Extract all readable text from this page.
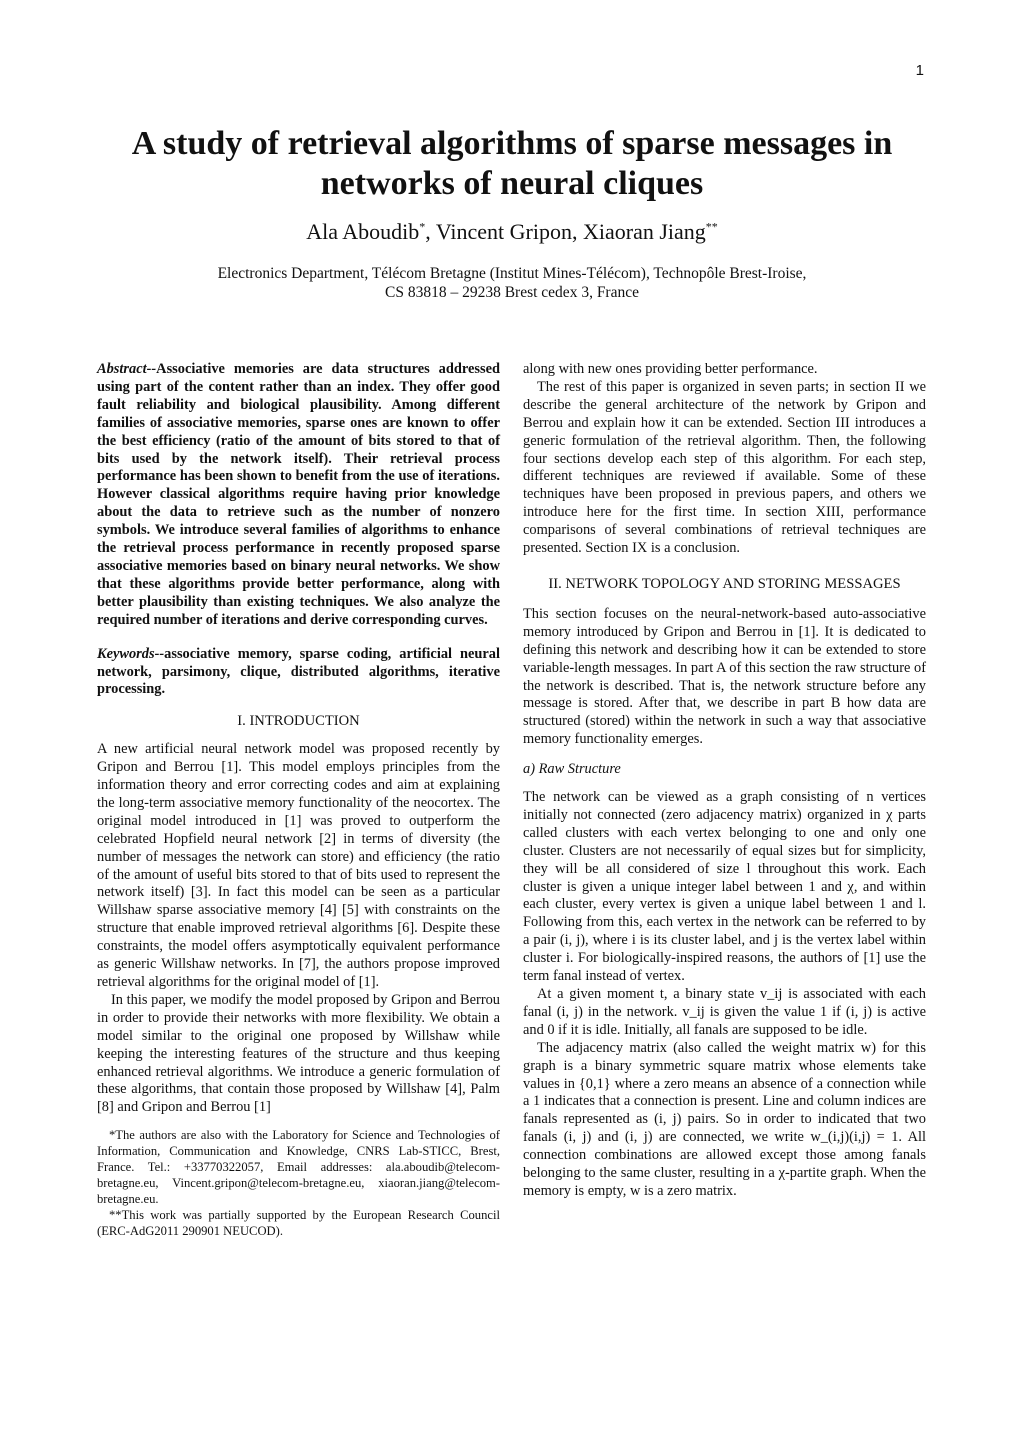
1
A study of retrieval algorithms of sparse messages in networks of neural cliques
Ala Aboudib*, Vincent Gripon, Xiaoran Jiang**
Electronics Department, Télécom Bretagne (Institut Mines-Télécom), Technopôle Brest-Iroise,
CS 83818 – 29238 Brest cedex 3, France

Abstract--Associative memories are data structures addressed using part of the content rather than an index. They offer good fault reliability and biological plausibility. Among different families of associative memories, sparse ones are known to offer the best efficiency (ratio of the amount of bits stored to that of bits used by the network itself). Their retrieval process performance has been shown to benefit from the use of iterations. However classical algorithms require having prior knowledge about the data to retrieve such as the number of nonzero symbols. We introduce several families of algorithms to enhance the retrieval process performance in recently proposed sparse associative memories based on binary neural networks. We show that these algorithms provide better performance, along with better plausibility than existing techniques. We also analyze the required number of iterations and derive corresponding curves.

Keywords--associative memory, sparse coding, artificial neural network, parsimony, clique, distributed algorithms, iterative processing.

I. INTRODUCTION

A new artificial neural network model was proposed recently by Gripon and Berrou [1]. This model employs principles from the information theory and error correcting codes and aim at explaining the long-term associative memory functionality of the neocortex. The original model introduced in [1] was proved to outperform the celebrated Hopfield neural network [2] in terms of diversity (the number of messages the network can store) and efficiency (the ratio of the amount of useful bits stored to that of bits used to represent the network itself) [3]. In fact this model can be seen as a particular Willshaw sparse associative memory [4] [5] with constraints on the structure that enable improved retrieval algorithms [6]. Despite these constraints, the model offers asymptotically equivalent performance as generic Willshaw networks. In [7], the authors propose improved retrieval algorithms for the original model of [1].

In this paper, we modify the model proposed by Gripon and Berrou in order to provide their networks with more flexibility. We obtain a model similar to the original one proposed by Willshaw while keeping the interesting features of the structure and thus keeping enhanced retrieval algorithms. We introduce a generic formulation of these algorithms, that contain those proposed by Willshaw [4], Palm [8] and Gripon and Berrou [1]

*The authors are also with the Laboratory for Science and Technologies of Information, Communication and Knowledge, CNRS Lab-STICC, Brest, France. Tel.: +33770322057, Email addresses: ala.aboudib@telecom-bretagne.eu, Vincent.gripon@telecom-bretagne.eu, xiaoran.jiang@telecom-bretagne.eu.

**This work was partially supported by the European Research Council (ERC-AdG2011 290901 NEUCOD).

along with new ones providing better performance.

The rest of this paper is organized in seven parts; in section II we describe the general architecture of the network by Gripon and Berrou and explain how it can be extended. Section III introduces a generic formulation of the retrieval algorithm. Then, the following four sections develop each step of this algorithm. For each step, different techniques are reviewed if available. Some of these techniques have been proposed in previous papers, and others we introduce here for the first time. In section XIII, performance comparisons of several combinations of retrieval techniques are presented. Section IX is a conclusion.

II. NETWORK TOPOLOGY AND STORING MESSAGES

This section focuses on the neural-network-based auto-associative memory introduced by Gripon and Berrou in [1]. It is dedicated to defining this network and describing how it can be extended to store variable-length messages. In part A of this section the raw structure of the network is described. That is, the network structure before any message is stored. After that, we describe in part B how data are structured (stored) within the network in such a way that associative memory functionality emerges.

a) Raw Structure

The network can be viewed as a graph consisting of n vertices initially not connected (zero adjacency matrix) organized in χ parts called clusters with each vertex belonging to one and only one cluster. Clusters are not necessarily of equal sizes but for simplicity, they will be all considered of size l throughout this work. Each cluster is given a unique integer label between 1 and χ, and within each cluster, every vertex is given a unique label between 1 and l. Following from this, each vertex in the network can be referred to by a pair (i, j), where i is its cluster label, and j is the vertex label within cluster i. For biologically-inspired reasons, the authors of [1] use the term fanal instead of vertex.

At a given moment t, a binary state v_ij is associated with each fanal (i, j) in the network. v_ij is given the value 1 if (i, j) is active and 0 if it is idle. Initially, all fanals are supposed to be idle.

The adjacency matrix (also called the weight matrix w) for this graph is a binary symmetric square matrix whose elements take values in {0,1} where a zero means an absence of a connection while a 1 indicates that a connection is present. Line and column indices are fanals represented as (i, j) pairs. So in order to indicated that two fanals (i, j) and (i, j) are connected, we write w_(i,j)(i,j) = 1. All connection combinations are allowed except those among fanals belonging to the same cluster, resulting in a χ-partite graph. When the memory is empty, w is a zero matrix.
